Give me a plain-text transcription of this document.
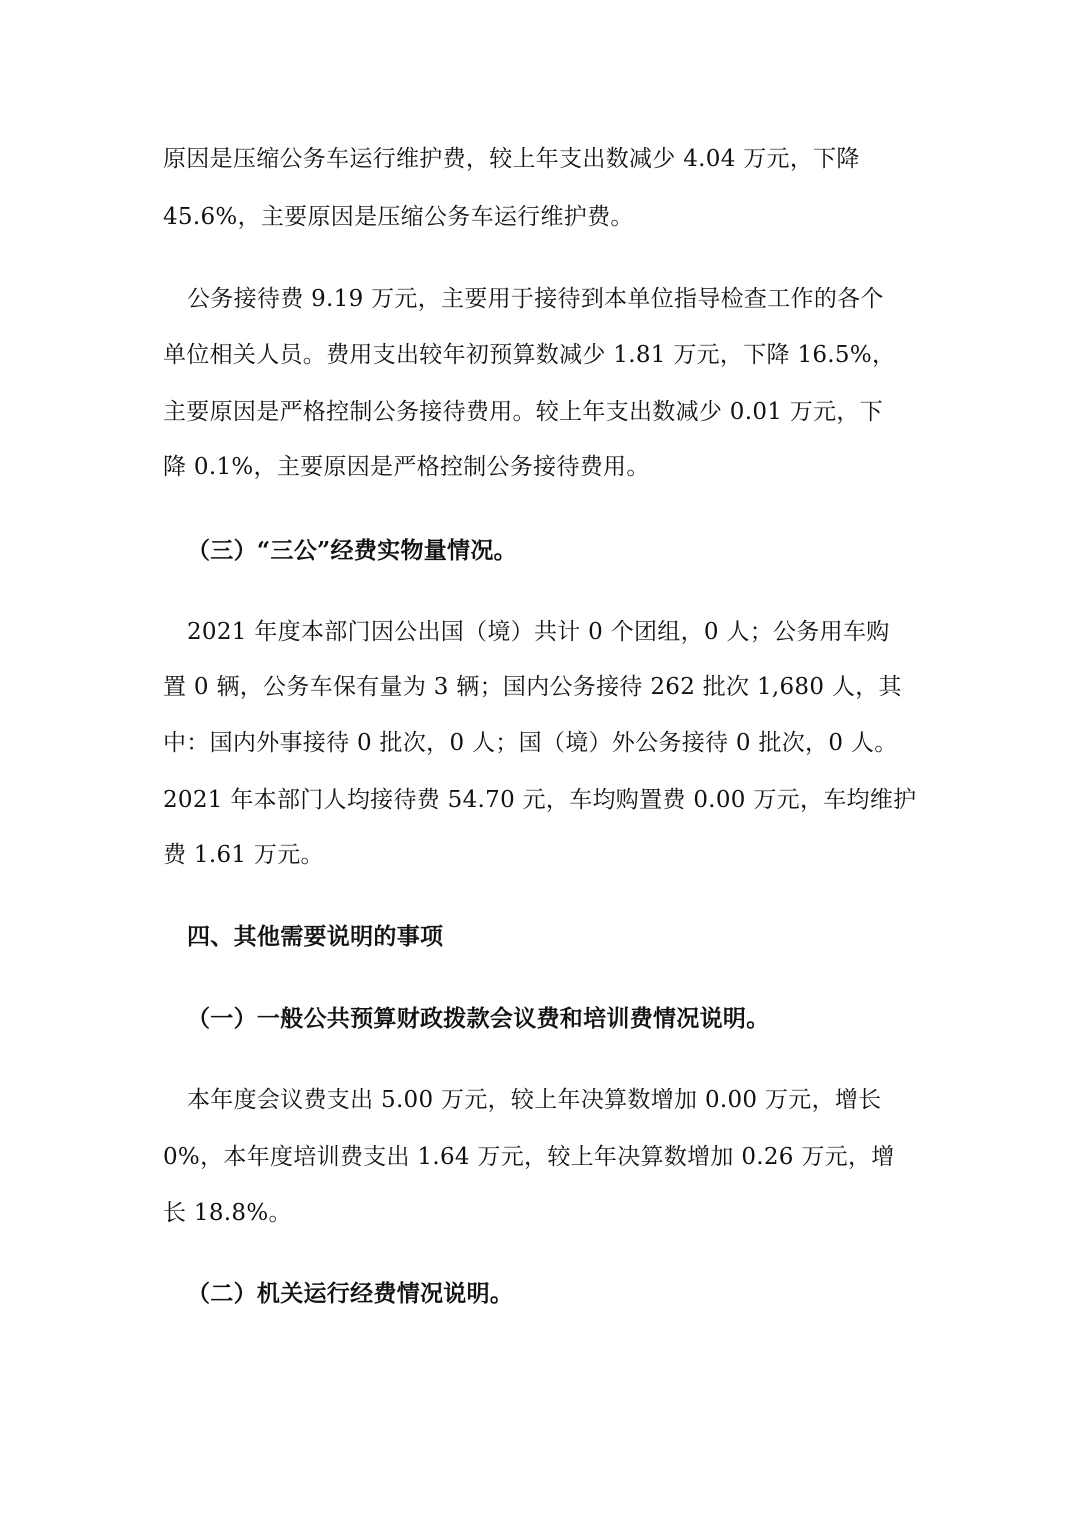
原因是压缩公务车运行维护费，较上年支出数减少 4.04 万元，下降
45.6%，主要原因是压缩公务车运行维护费。
公务接待费 9.19 万元，主要用于接待到本单位指导检查工作的各个
单位相关人员。费用支出较年初预算数减少 1.81 万元，下降 16.5%，
主要原因是严格控制公务接待费用。较上年支出数减少 0.01 万元，下
降 0.1%，主要原因是严格控制公务接待费用。
（三）“三公”经费实物量情况。
2021 年度本部门因公出国（境）共计 0 个团组，0 人；公务用车购
置 0 辆，公务车保有量为 3 辆；国内公务接待 262 批次 1,680 人，其
中：国内外事接待 0 批次，0 人；国（境）外公务接待 0 批次，0 人。
2021 年本部门人均接待费 54.70 元，车均购置费 0.00 万元，车均维护
费 1.61 万元。
四、其他需要说明的事项
（一）一般公共预算财政拨款会议费和培训费情况说明。
本年度会议费支出 5.00 万元，较上年决算数增加 0.00 万元，增长
0%，本年度培训费支出 1.64 万元，较上年决算数增加 0.26 万元，增
长 18.8%。
（二）机关运行经费情况说明。
